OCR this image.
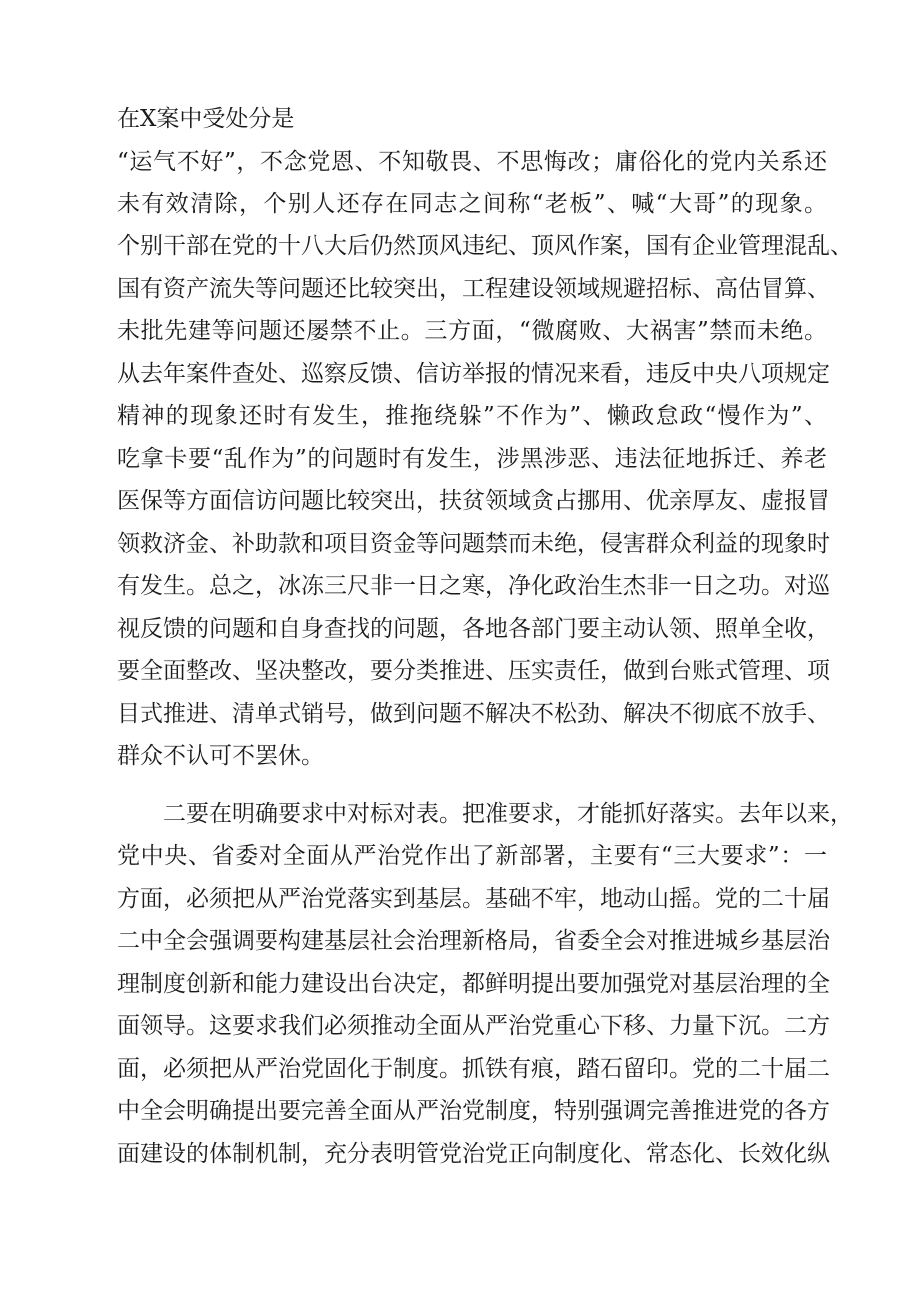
在X案中受处分是
“运气不好”，不念党恩、不知敬畏、不思悔改；庸俗化的党内关系还
未有效清除，个别人还存在同志之间称“老板”、喊“大哥”的现象。
个别干部在党的十八大后仍然顶风违纪、顶风作案，国有企业管理混乱、
国有资产流失等问题还比较突出，工程建设领域规避招标、高估冒算、
未批先建等问题还屡禁不止。三方面，“微腐败、大祸害”禁而未绝。
从去年案件查处、巡察反馈、信访举报的情况来看，违反中央八项规定
精神的现象还时有发生，推拖绕躲”不作为”、懒政怠政“慢作为”、
吃拿卡要“乱作为”的问题时有发生，涉黑涉恶、违法征地拆迁、养老
医保等方面信访问题比较突出，扶贫领域贪占挪用、优亲厚友、虚报冒
领救济金、补助款和项目资金等问题禁而未绝，侵害群众利益的现象时
有发生。总之，冰冻三尺非一日之寒，净化政治生杰非一日之功。对巡
视反馈的问题和自身查找的问题，各地各部门要主动认领、照单全收，
要全面整改、坚决整改，要分类推进、压实责任，做到台账式管理、项
目式推进、清单式销号，做到问题不解决不松劲、解决不彻底不放手、
群众不认可不罢休。
二要在明确要求中对标对表。把准要求，才能抓好落实。去年以来，
党中央、省委对全面从严治党作出了新部署，主要有“三大要求”：一
方面，必须把从严治党落实到基层。基础不牢，地动山摇。党的二十届
二中全会强调要构建基层社会治理新格局，省委全会对推进城乡基层治
理制度创新和能力建设出台决定，都鲜明提出要加强党对基层治理的全
面领导。这要求我们必须推动全面从严治党重心下移、力量下沉。二方
面，必须把从严治党固化于制度。抓铁有痕，踏石留印。党的二十届二
中全会明确提出要完善全面从严治党制度，特别强调完善推进党的各方
面建设的体制机制，充分表明管党治党正向制度化、常态化、长效化纵
